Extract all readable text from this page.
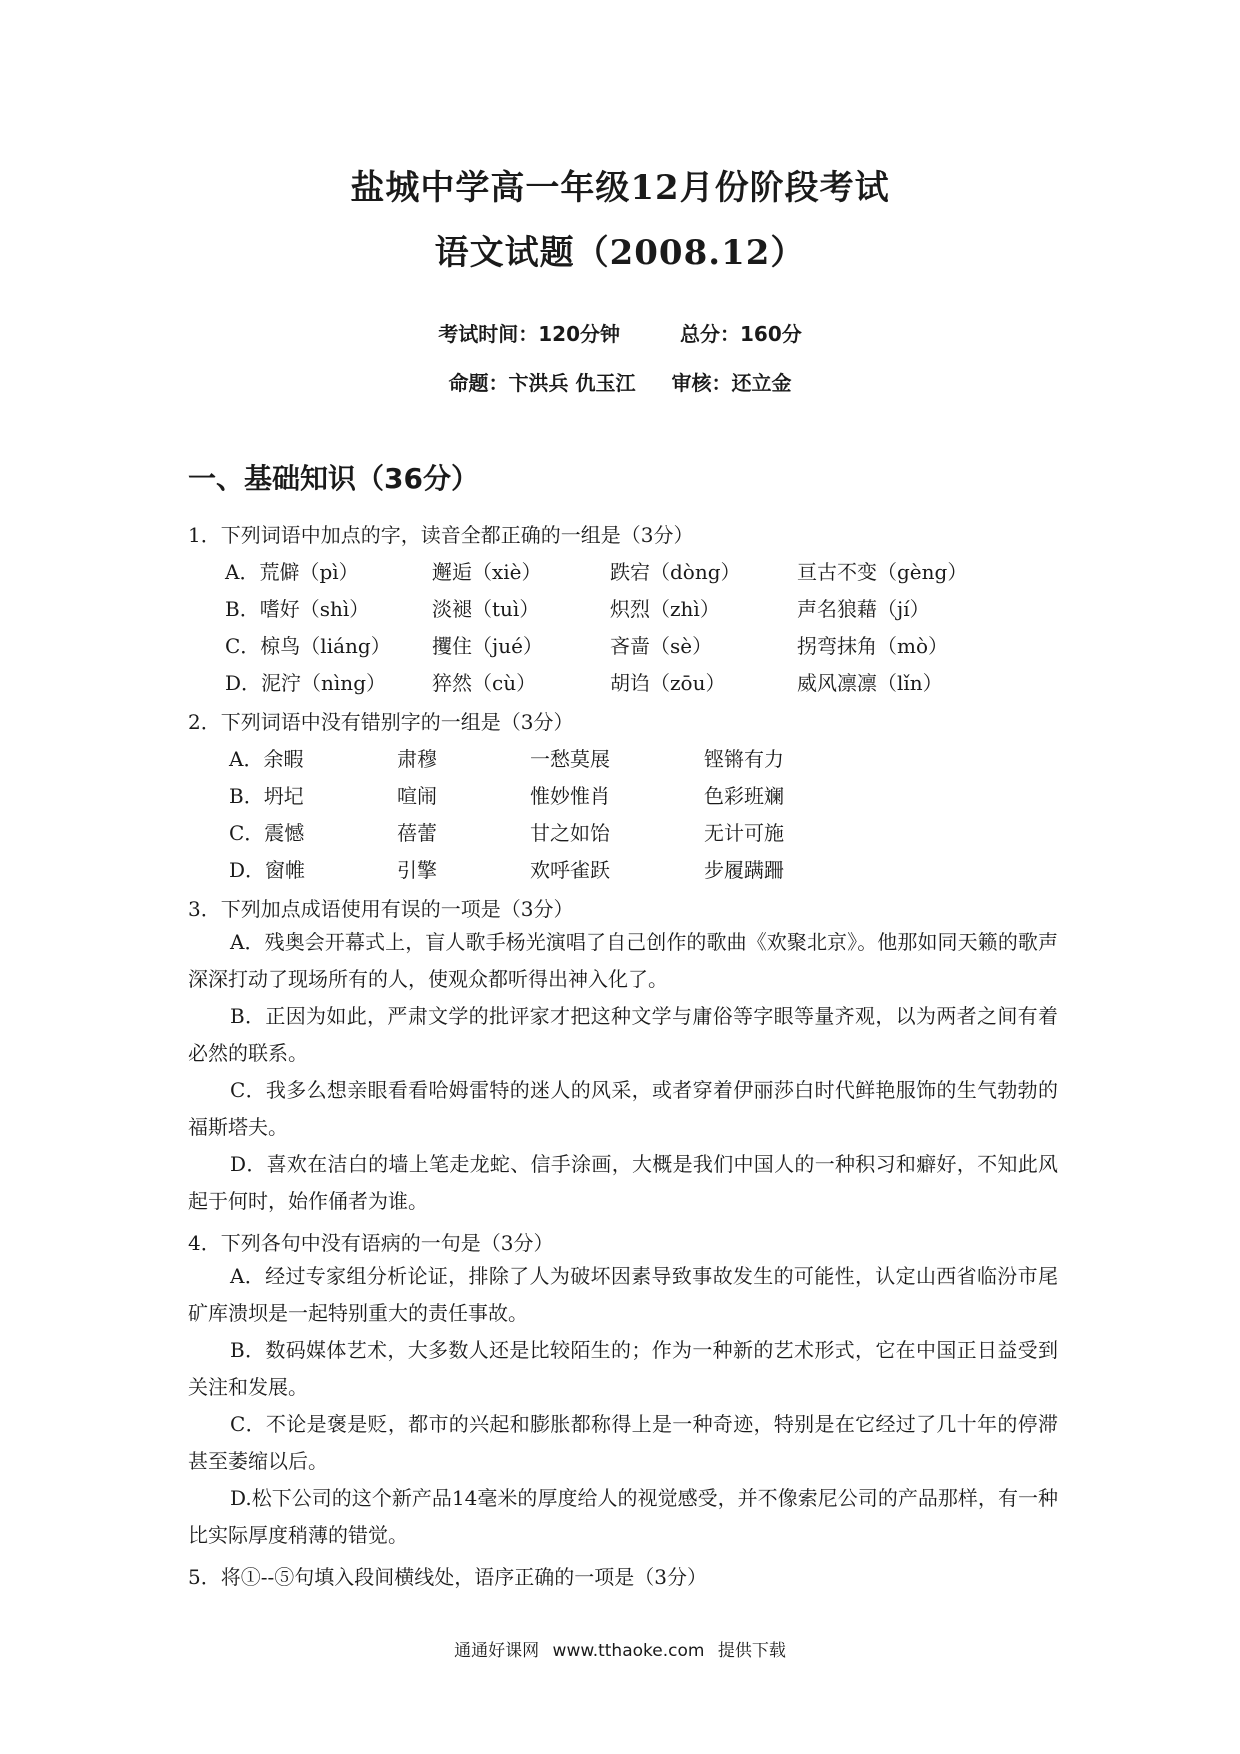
盐城中学高一年级12月份阶段考试
语文试题（2008.12）
考试时间：120分钟	总分：160分
命题：卞洪兵 仇玉江 审核：还立金
一、基础知识（36分）
1．下列词语中加点的字，读音全都正确的一组是（3分）
A．荒僻（pì）	邂逅（xiè）	跌宕（dòng）	亘古不变（gèng）
B．嗜好（shì）	淡褪（tuì）	炽烈（zhì）	声名狼藉（jí）
C．椋鸟（liáng） 攫住（jué）	吝啬（sè）	拐弯抹角（mò）
D．泥泞（nìng） 猝然（cù）	胡诌（zōu）	威风凛凛（lǐn）
2．下列词语中没有错别字的一组是（3分）
A．余暇	肃穆	一愁莫展	铿锵有力
B．坍圮	喧闹	惟妙惟肖	色彩班斓
C．震憾	蓓蕾	甘之如饴	无计可施
D．窗帷	引擎	欢呼雀跃	步履蹒跚
3．下列加点成语使用有误的一项是（3分）
A．残奥会开幕式上，盲人歌手杨光演唱了自己创作的歌曲《欢聚北京》。他那如同天籁的歌声深深打动了现场所有的人，使观众都听得出神入化了。
B．正因为如此，严肃文学的批评家才把这种文学与庸俗等字眼等量齐观，以为两者之间有着必然的联系。
C．我多么想亲眼看看哈姆雷特的迷人的风采，或者穿着伊丽莎白时代鲜艳服饰的生气勃勃的福斯塔夫。
D．喜欢在洁白的墙上笔走龙蛇、信手涂画，大概是我们中国人的一种积习和癖好，不知此风起于何时，始作俑者为谁。
4．下列各句中没有语病的一句是（3分）
A．经过专家组分析论证，排除了人为破坏因素导致事故发生的可能性，认定山西省临汾市尾矿库溃坝是一起特别重大的责任事故。
B．数码媒体艺术，大多数人还是比较陌生的；作为一种新的艺术形式，它在中国正日益受到关注和发展。
C．不论是褒是贬，都市的兴起和膨胀都称得上是一种奇迹，特别是在它经过了几十年的停滞甚至萎缩以后。
D.松下公司的这个新产品14毫米的厚度给人的视觉感受，并不像索尼公司的产品那样，有一种比实际厚度稍薄的错觉。
5．将①--⑤句填入段间横线处，语序正确的一项是（3分）
通通好课网 www.tthaoke.com 提供下载
